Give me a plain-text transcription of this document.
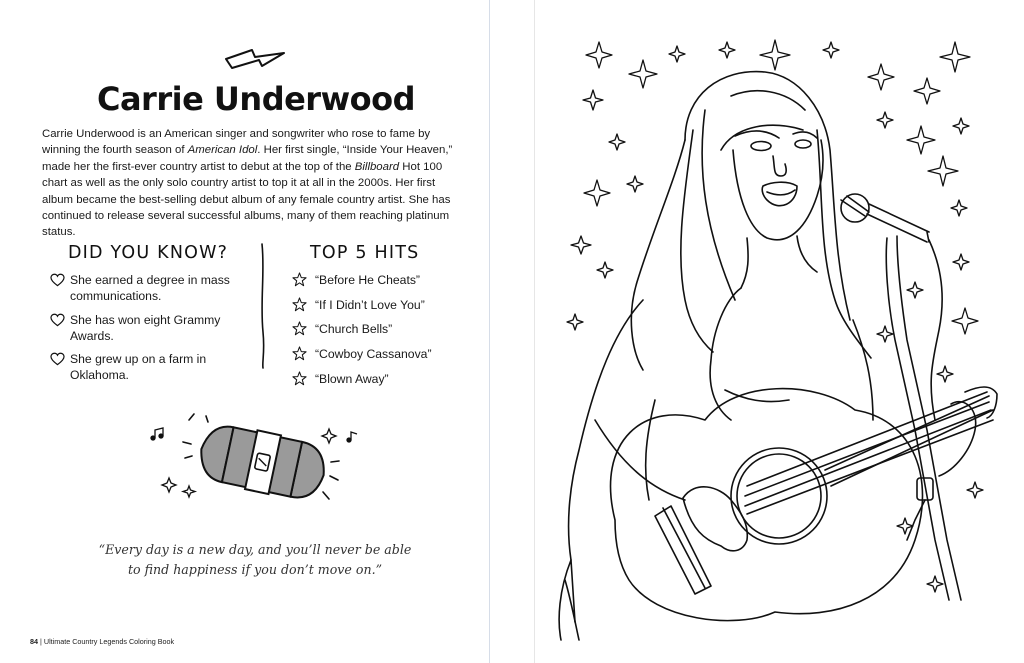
Carrie Underwood
Carrie Underwood is an American singer and songwriter who rose to fame by winning the fourth season of American Idol. Her first single, “Inside Your Heaven,” made her the first-ever country artist to debut at the top of the Billboard Hot 100 chart as well as the only solo country artist to top it at all in the 2000s. Her first album became the best-selling debut album of any female country artist. She has continued to release several successful albums, many of them reaching platinum status.
DID YOU KNOW?	TOP 5 HITS
She earned a degree in mass communications.
She has won eight Grammy Awards.
She grew up on a farm in Oklahoma.
“Before He Cheats”
“If I Didn’t Love You”
“Church Bells”
“Cowboy Cassanova”
“Blown Away”
“Every day is a new day, and you’ll never be able
to find happiness if you don’t move on.”
84 | Ultimate Country Legends Coloring Book
